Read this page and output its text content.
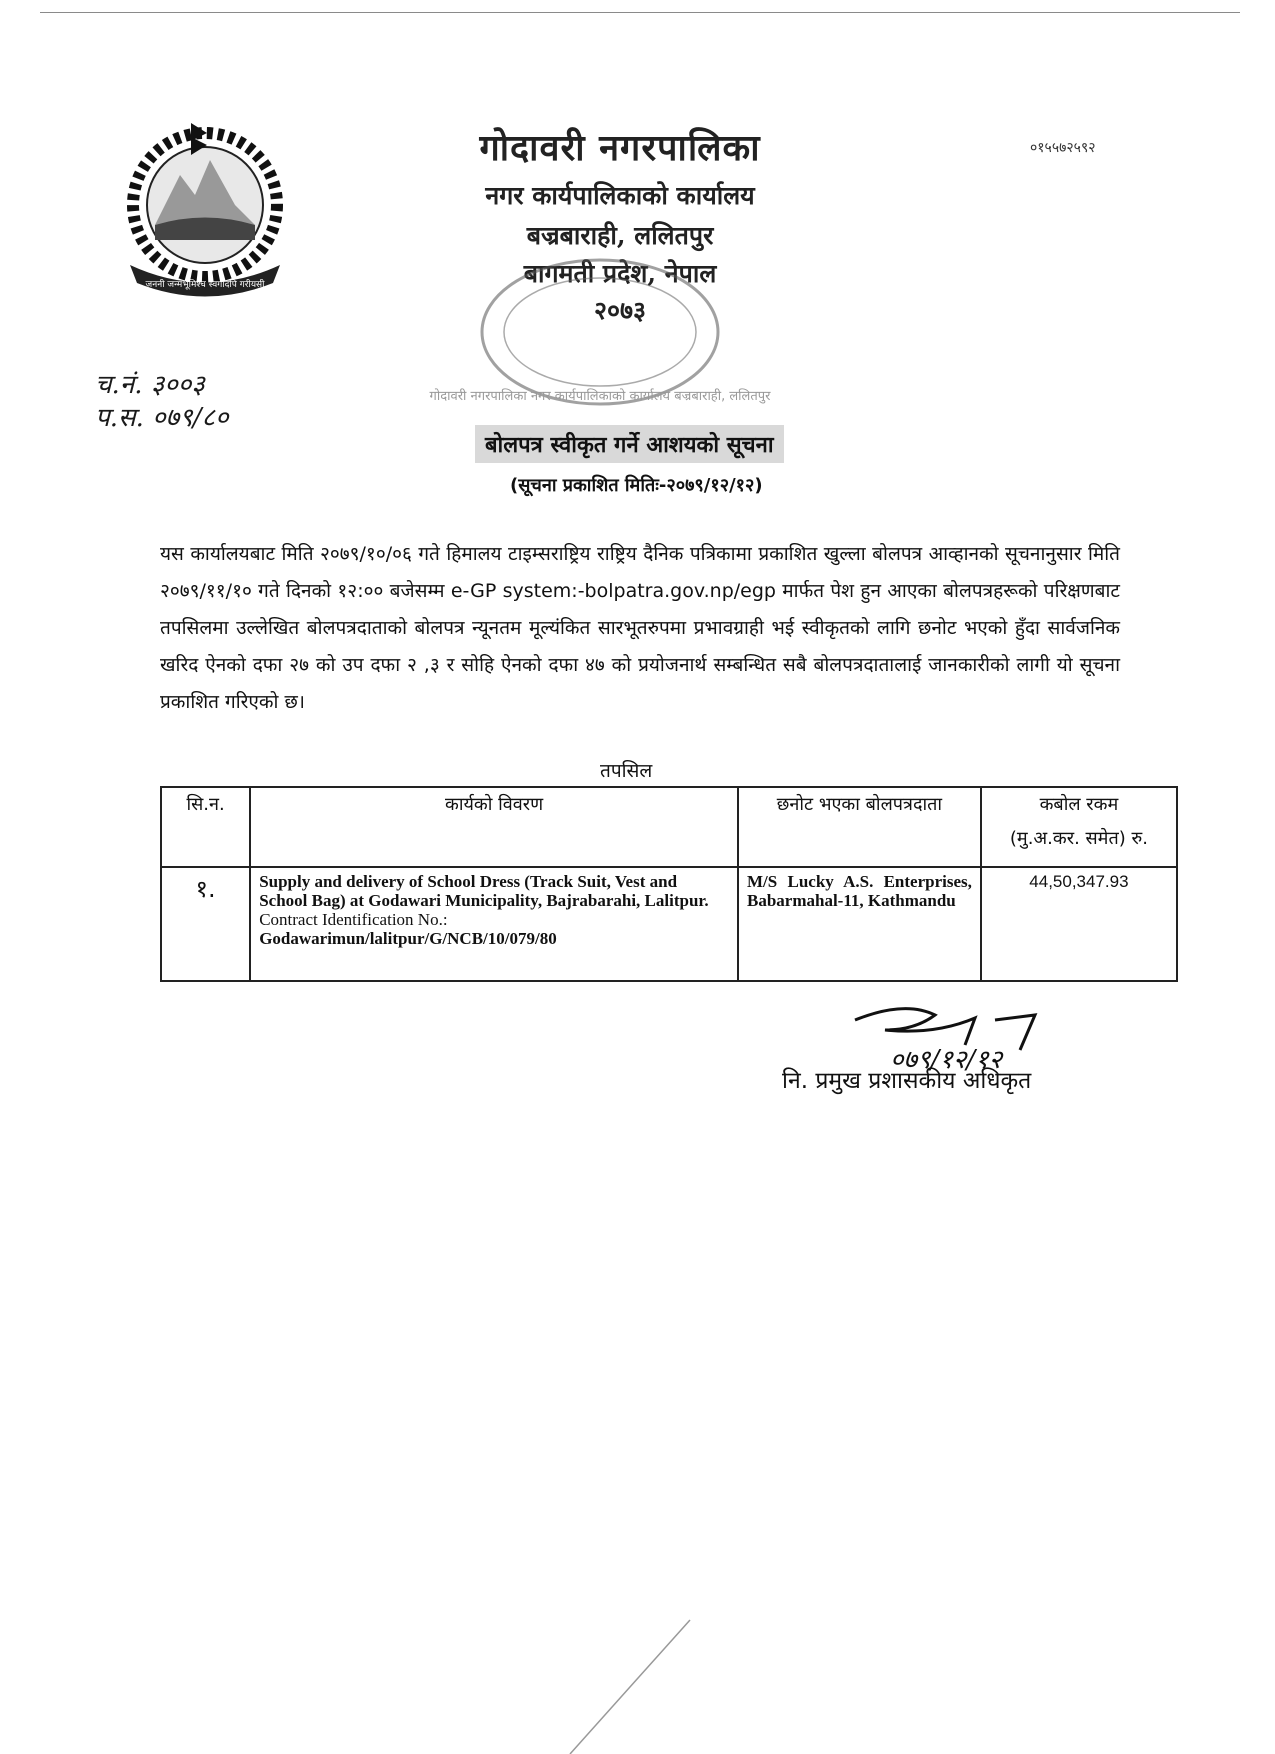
जननी जन्मभूमिश्च स्वर्गादपि गरीयसी
गोदावरी नगरपालिका
नगर कार्यपालिकाको कार्यालय
बज्रबाराही, ललितपुर
बागमती प्रदेश, नेपाल
२०७३
०१५५७२५९२
गोदावरी नगरपालिका नगर कार्यपालिकाको कार्यालय बज्रबाराही, ललितपुर
च.नं. ३००३
प.स. ०७९/८०
बोलपत्र स्वीकृत गर्ने आशयको सूचना
(सूचना प्रकाशित मितिः-२०७९/१२/१२)
यस कार्यालयबाट मिति २०७९/१०/०६ गते हिमालय टाइम्सराष्ट्रिय राष्ट्रिय दैनिक पत्रिकामा प्रकाशित खुल्ला बोलपत्र आव्हानको सूचनानुसार मिति २०७९/११/१० गते दिनको १२:०० बजेसम्म e-GP system:-bolpatra.gov.np/egp मार्फत पेश हुन आएका बोलपत्रहरूको परिक्षणबाट तपसिलमा उल्लेखित बोलपत्रदाताको बोलपत्र न्यूनतम मूल्यंकित सारभूतरुपमा प्रभावग्राही भई स्वीकृतको लागि छनोट भएको हुँदा सार्वजनिक खरिद ऐनको दफा २७ को उप दफा २ ,३ र सोहि ऐनको दफा ४७ को प्रयोजनार्थ सम्बन्धित सबै बोलपत्रदातालाई जानकारीको लागी यो सूचना प्रकाशित गरिएको छ।
तपसिल
सि.न.	कार्यको विवरण	छनोट भएका बोलपत्रदाता	कबोल रकम
(मु.अ.कर. समेत) रु.

१.	Supply and delivery of School Dress (Track Suit, Vest and School Bag) at Godawari Municipality, Bajrabarahi, Lalitpur. Contract Identification No.: Godawarimun/lalitpur/G/NCB/10/079/80	M/S Lucky A.S. Enterprises, Babarmahal-11, Kathmandu	44,50,347.93
०७९/१२/१२
नि. प्रमुख प्रशासकीय अधिकृत
